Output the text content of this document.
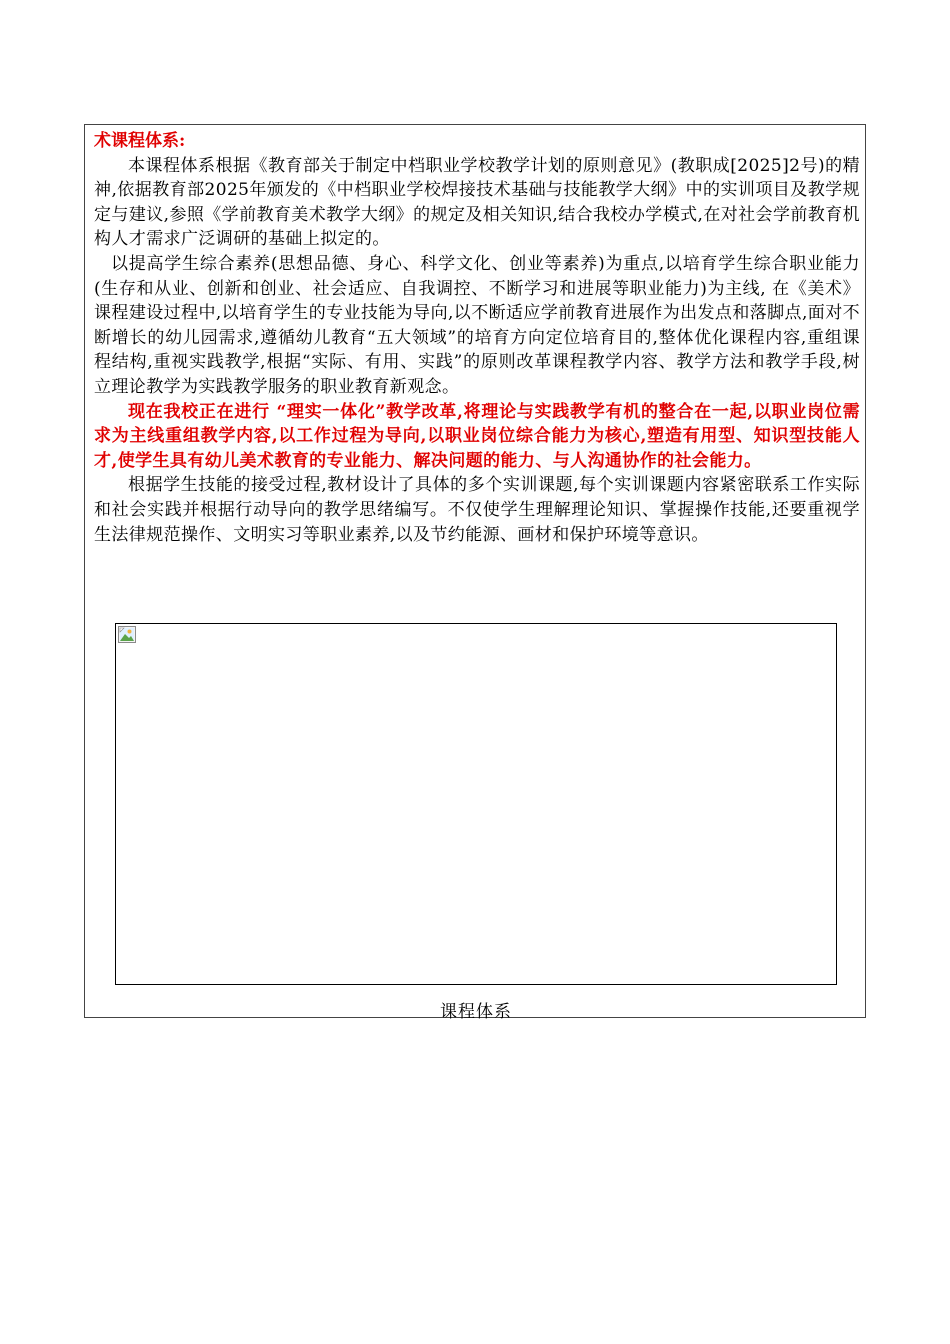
术课程体系:

本课程体系根据《教育部关于制定中档职业学校教学计划的原则意见》(教职成[2025]2号)的精神,依据教育部2025年颁发的《中档职业学校焊接技术基础与技能教学大纲》中的实训项目及教学规定与建议,参照《学前教育美术教学大纲》的规定及相关知识,结合我校办学模式,在对社会学前教育机构人才需求广泛调研的基础上拟定的。

以提高学生综合素养(思想品德、身心、科学文化、创业等素养)为重点,以培育学生综合职业能力(生存和从业、创新和创业、社会适应、自我调控、不断学习和进展等职业能力)为主线, 在《美术》课程建设过程中,以培育学生的专业技能为导向,以不断适应学前教育进展作为出发点和落脚点,面对不断增长的幼儿园需求,遵循幼儿教育“五大领域”的培育方向定位培育目的,整体优化课程内容,重组课程结构,重视实践教学,根据“实际、有用、实践”的原则改革课程教学内容、教学方法和教学手段,树立理论教学为实践教学服务的职业教育新观念。

现在我校正在进行 “理实一体化”教学改革,将理论与实践教学有机的整合在一起,以职业岗位需求为主线重组教学内容,以工作过程为导向,以职业岗位综合能力为核心,塑造有用型、知识型技能人才,使学生具有幼儿美术教育的专业能力、解决问题的能力、与人沟通协作的社会能力。

根据学生技能的接受过程,教材设计了具体的多个实训课题,每个实训课题内容紧密联系工作实际和社会实践并根据行动导向的教学思绪编写。不仅使学生理解理论知识、掌握操作技能,还要重视学生法律规范操作、文明实习等职业素养,以及节约能源、画材和保护环境等意识。

课程体系
